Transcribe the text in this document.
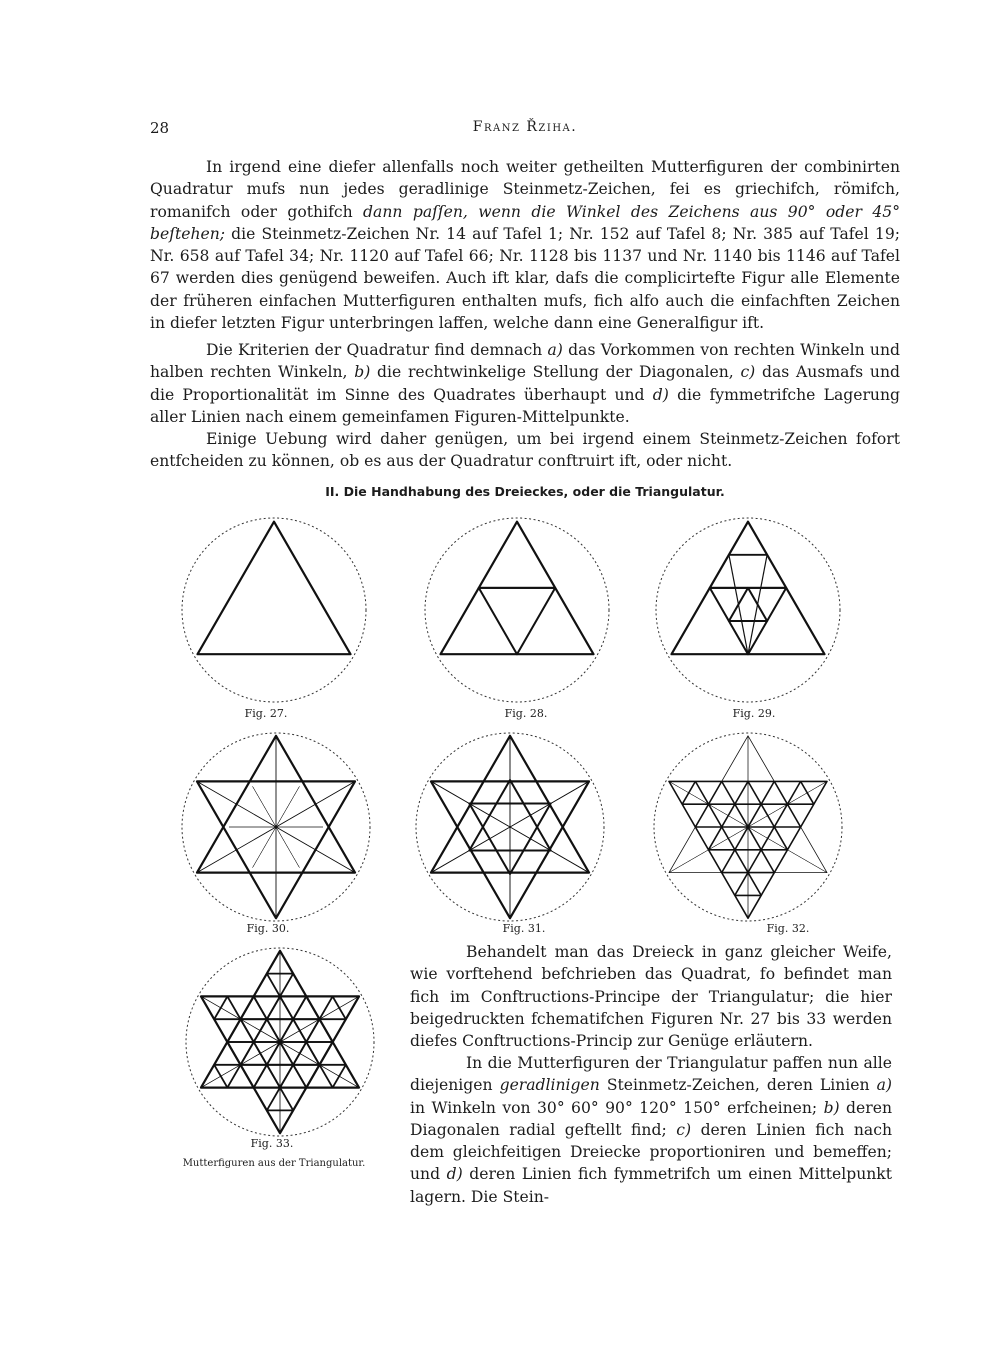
28	Franz Řziha.

In irgend eine diefer allenfalls noch weiter getheilten Mutterfiguren der combinirten Quadratur mufs nun jedes geradlinige Steinmetz-Zeichen, fei es griechifch, römifch, romanifch oder gothifch dann paſſen, wenn die Winkel des Zeichens aus 90° oder 45° beſtehen; die Steinmetz-Zeichen Nr. 14 auf Tafel 1; Nr. 152 auf Tafel 8; Nr. 385 auf Tafel 19; Nr. 658 auf Tafel 34; Nr. 1120 auf Tafel 66; Nr. 1128 bis 1137 und Nr. 1140 bis 1146 auf Tafel 67 werden dies genügend beweifen. Auch ift klar, dafs die complicirtefte Figur alle Elemente der früheren einfachen Mutterfiguren enthalten mufs, fich alfo auch die einfachften Zeichen in diefer letzten Figur unterbringen laffen, welche dann eine Generalfigur ift.

Die Kriterien der Quadratur find demnach a) das Vorkommen von rechten Winkeln und halben rechten Winkeln, b) die rechtwinkelige Stellung der Diagonalen, c) das Ausmafs und die Proportionalität im Sinne des Quadrates überhaupt und d) die fymmetrifche Lagerung aller Linien nach einem gemeinfamen Figuren-Mittelpunkte.

Einige Uebung wird daher genügen, um bei irgend einem Steinmetz-Zeichen fofort entfcheiden zu können, ob es aus der Quadratur conftruirt ift, oder nicht.

II. Die Handhabung des Dreieckes, oder die Triangulatur.
Fig. 27.	Fig. 28.	Fig. 29.
Fig. 30.	Fig. 31.	Fig. 32.
Fig. 33.
Mutterfiguren aus der Triangulatur.

Behandelt man das Dreieck in ganz gleicher Weife, wie vorftehend befchrieben das Quadrat, fo befindet man fich im Conftructions-Principe der Triangulatur; die hier beigedruckten fchematifchen Figuren Nr. 27 bis 33 werden diefes Conftructions-Princip zur Genüge erläutern.

In die Mutterfiguren der Triangulatur paffen nun alle diejenigen geradlinigen Steinmetz-Zeichen, deren Linien a) in Winkeln von 30° 60° 90° 120° 150° erfcheinen; b) deren Diagonalen radial geftellt find; c) deren Linien fich nach dem gleichfeitigen Dreiecke proportioniren und bemeffen; und d) deren Linien fich fymmetrifch um einen Mittelpunkt lagern. Die Stein-
